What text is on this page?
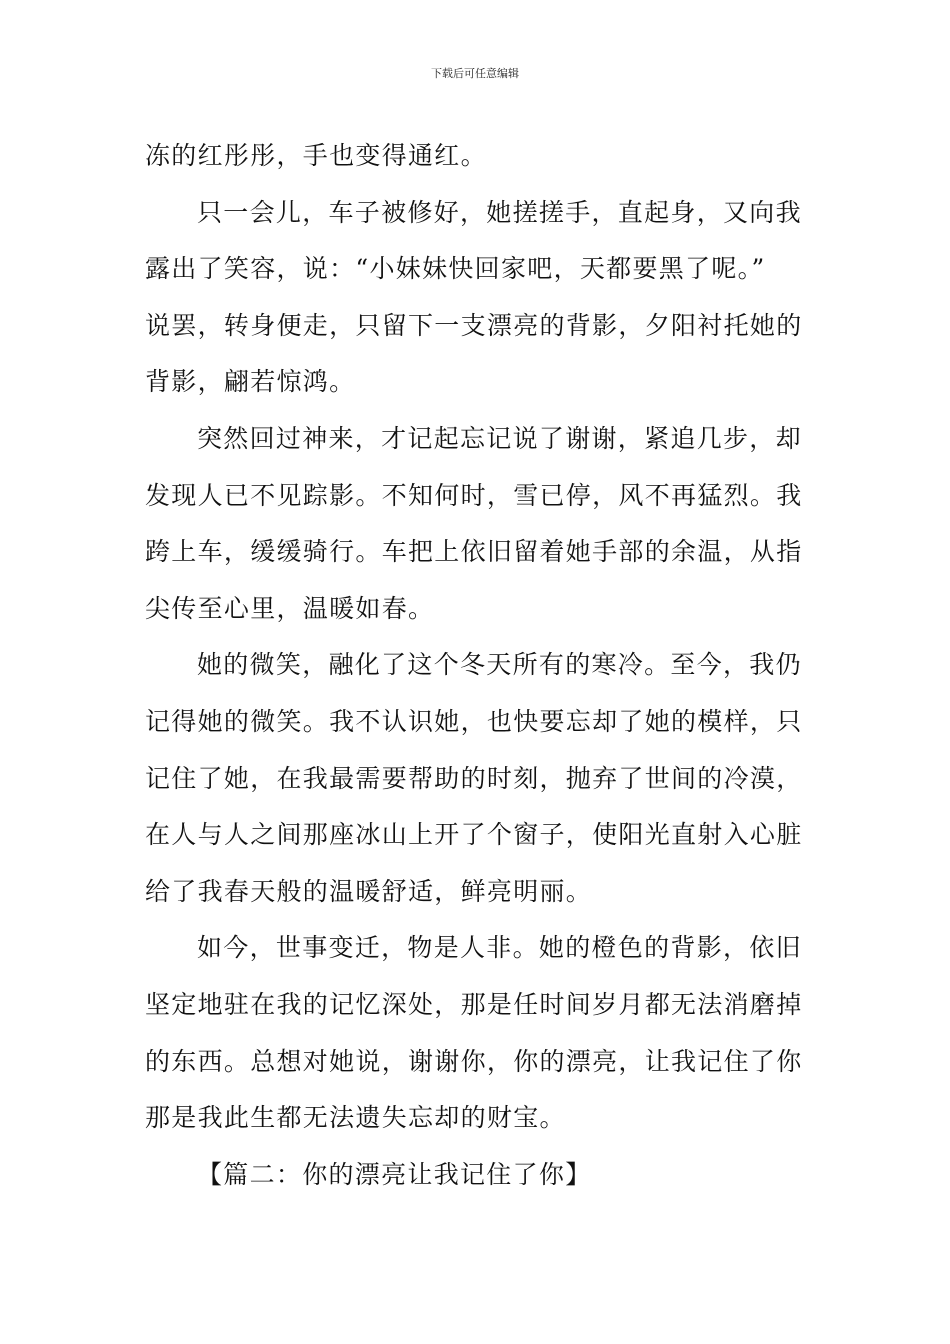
下载后可任意编辑
冻的红彤彤，手也变得通红。
只一会儿，车子被修好，她搓搓手，直起身，又向我
露出了笑容，说：“小妹妹快回家吧，天都要黑了呢。”
说罢，转身便走，只留下一支漂亮的背影，夕阳衬托她的
背影，翩若惊鸿。
突然回过神来，才记起忘记说了谢谢，紧追几步，却
发现人已不见踪影。不知何时，雪已停，风不再猛烈。我
跨上车，缓缓骑行。车把上依旧留着她手部的余温，从指
尖传至心里，温暖如春。
她的微笑，融化了这个冬天所有的寒冷。至今，我仍
记得她的微笑。我不认识她，也快要忘却了她的模样，只
记住了她，在我最需要帮助的时刻，抛弃了世间的冷漠，
在人与人之间那座冰山上开了个窗子，使阳光直射入心脏
给了我春天般的温暖舒适，鲜亮明丽。
如今，世事变迁，物是人非。她的橙色的背影，依旧
坚定地驻在我的记忆深处，那是任时间岁月都无法消磨掉
的东西。总想对她说，谢谢你，你的漂亮，让我记住了你
那是我此生都无法遗失忘却的财宝。
【篇二：你的漂亮让我记住了你】
